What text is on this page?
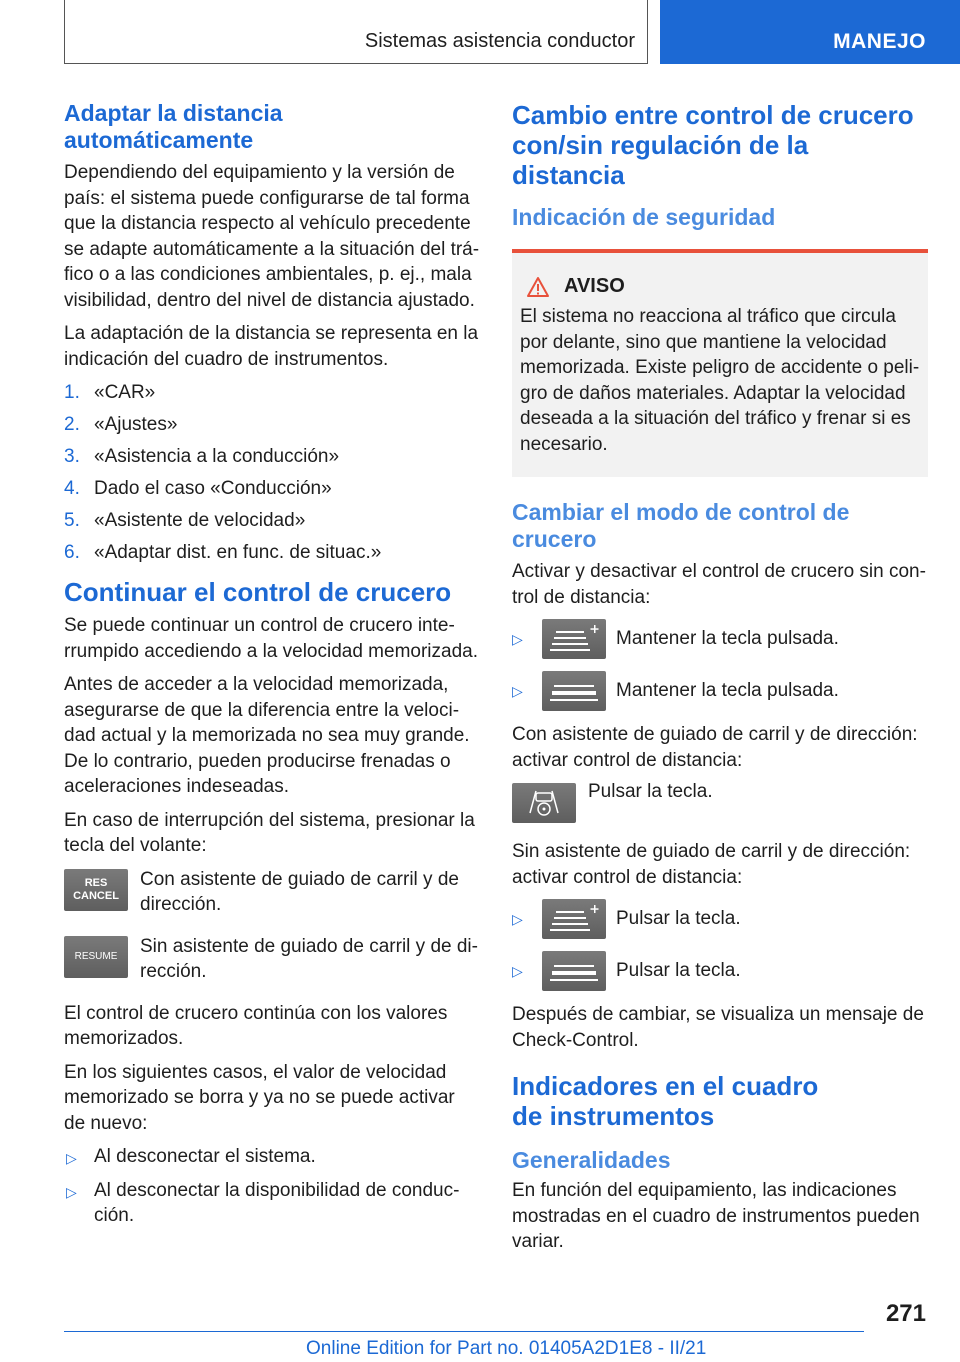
Sistemas asistencia conductor	MANEJO
Adaptar la distancia
automáticamente

Dependiendo del equipamiento y la versión de país: el sistema puede configurarse de tal forma que la distancia respecto al vehículo precedente se adapte automáticamente a la situación del tráfico o a las condiciones ambientales, p. ej., mala visibilidad, dentro del nivel de distancia ajustado.

La adaptación de la distancia se representa en la indicación del cuadro de instrumentos.

1. «CAR»
2. «Ajustes»
3. «Asistencia a la conducción»
4. Dado el caso «Conducción»
5. «Asistente de velocidad»
6. «Adaptar dist. en func. de situac.»
Continuar el control de crucero

Se puede continuar un control de crucero interrumpido accediendo a la velocidad memorizada.

Antes de acceder a la velocidad memorizada, asegurarse de que la diferencia entre la velocidad actual y la memorizada no sea muy grande. De lo contrario, pueden producirse frenadas o aceleraciones indeseadas.

En caso de interrupción del sistema, presionar la tecla del volante:

RES
CANCEL
Con asistente de guiado de carril y de dirección.
RESUME Sin asistente de guiado de carril y de dirección.

El control de crucero continúa con los valores memorizados.

En los siguientes casos, el valor de velocidad memorizado se borra y ya no se puede activar de nuevo:

▷ Al desconectar el sistema.
▷ Al desconectar la disponibilidad de conducción.
Cambio entre control de crucero
con/sin regulación de la
distancia
Indicación de seguridad
AVISO

El sistema no reacciona al tráfico que circula por delante, sino que mantiene la velocidad memorizada. Existe peligro de accidente o peligro de daños materiales. Adaptar la velocidad deseada a la situación del tráfico y frenar si es necesario.

Cambiar el modo de control de
crucero

Activar y desactivar el control de crucero sin control de distancia:

▷	Mantener la tecla pulsada.
▷	Mantener la tecla pulsada.

Con asistente de guiado de carril y de dirección: activar control de distancia:

Pulsar la tecla.

Sin asistente de guiado de carril y de dirección: activar control de distancia:

▷	Pulsar la tecla.
▷	Pulsar la tecla.

Después de cambiar, se visualiza un mensaje de Check-Control.

Indicadores en el cuadro
de instrumentos
Generalidades

En función del equipamiento, las indicaciones mostradas en el cuadro de instrumentos pueden variar.

271
Online Edition for Part no. 01405A2D1E8 - II/21
